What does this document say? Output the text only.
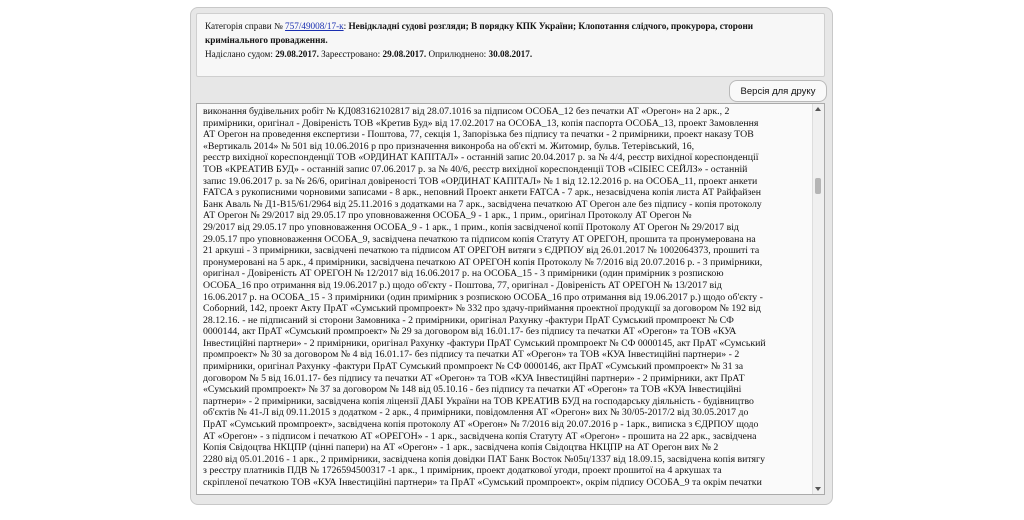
Категорія справи № 757/49008/17-к: Невідкладні судові розгляди; В порядку КПК України; Клопотання слідчого, прокурора, сторони кримінального провадження.
Надіслано судом: 29.08.2017. Зареєстровано: 29.08.2017. Оприлюднено: 30.08.2017.
Версія для друку
виконання будівельних робіт № КД083162102817 від 28.07.1016 за підписом ОСОБА_12 без печатки АТ «Орегон» на 2 арк., 2
примірники, оригінал - Довіреність ТОВ «Кретив Буд» від 17.02.2017 на ОСОБА_13, копія паспорта ОСОБА_13, проект Замовлення
АТ Орегон на проведення експертизи - Поштова, 77, секція 1, Запорізька без підпису та печатки - 2 примірники, проект наказу ТОВ
«Вертикаль 2014» № 501 від 10.06.2016 р про призначення виконроба на об'єкті м. Житомир, бульв. Тетерівський, 16,
реєстр вихідної кореспонденції ТОВ «ОРДИНАТ КАПІТАЛ» - останній запис 20.04.2017 р. за № 4/4, реєстр вихідної кореспонденції
ТОВ «КРЕАТИВ БУД» - останній запис 07.06.2017 р. за № 40/6, реєстр вихідної кореспонденції ТОВ «СІБІЕС СЕЙЛЗ» - останній
запис 19.06.2017 р. за № 26/6, оригінал довіреності ТОВ «ОРДИНАТ КАПІТАЛ» № 1 від 12.12.2016 р. на ОСОБА_11, проект анкети
FATCA з рукописними чорновими записами - 8 арк., неповний Проект анкети FATCA - 7 арк., незасвідчена копія листа АТ Райфайзен
Банк Аваль № Д1-В15/61/2964 від 25.11.2016 з додатками на 7 арк., засвідчена печаткою АТ Орегон але без підпису - копія протоколу
АТ Орегон № 29/2017 від 29.05.17 про уповноваження ОСОБА_9 - 1 арк., 1 прим., оригінал Протоколу АТ Орегон №
29/2017 від 29.05.17 про уповноваження ОСОБА_9 - 1 арк., 1 прим., копія засвідченої копії Протоколу АТ Орегон № 29/2017 від
29.05.17 про уповноваження ОСОБА_9, засвідчена печаткою та підписом копія Статуту АТ ОРЕГОН, прошита та пронумерована на
21 аркуші - 3 примірники, засвідчені печаткою та підписом АТ ОРЕГОН витяги з ЄДРПОУ від 26.01.2017 № 1002064373, прошиті та
пронумеровані на 5 арк., 4 примірники, засвідчена печаткою АТ ОРЕГОН копія Протоколу № 7/2016 від 20.07.2016 р. - 3 примірники,
оригінал - Довіреність АТ ОРЕГОН № 12/2017 від 16.06.2017 р. на ОСОБА_15 - 3 примірники (один примірник з розпискою
ОСОБА_16 про отримання від 19.06.2017 р.) щодо об'єкту - Поштова, 77, оригінал - Довіреність АТ ОРЕГОН № 13/2017 від
16.06.2017 р. на ОСОБА_15 - 3 примірники (один примірник з розпискою ОСОБА_16 про отримання від 19.06.2017 р.) щодо об'єкту -
Соборний, 142, проект Акту ПрАТ «Сумський промпроект» № 332 про здачу-приймання проектної продукції за договором № 192 від
28.12.16. - не підписаний зі сторони Замовника - 2 примірники, оригінал Рахунку -фактури ПрАТ Сумський промпроект № СФ
0000144, акт ПрАТ «Сумський промпроект» № 29 за договором від 16.01.17- без підпису та печатки АТ «Орегон» та ТОВ «КУА
Інвестиційні партнери» - 2 примірники, оригінал Рахунку -фактури ПрАТ Сумський промпроект № СФ 0000145, акт ПрАТ «Сумський
промпроект» № 30 за договором № 4 від 16.01.17- без підпису та печатки АТ «Орегон» та ТОВ «КУА Інвестиційні партнери» - 2
примірники, оригінал Рахунку -фактури ПрАТ Сумський промпроект № СФ 0000146, акт ПрАТ «Сумський промпроект» № 31 за
договором № 5 від 16.01.17- без підпису та печатки АТ «Орегон» та ТОВ «КУА Інвестиційні партнери» - 2 примірники, акт ПрАТ
«Сумський промпроект» № 37 за договором № 148 від 05.10.16 - без підпису та печатки АТ «Орегон» та ТОВ «КУА Інвестиційні
партнери» - 2 примірники, засвідчена копія ліцензії ДАБІ України на ТОВ КРЕАТИВ БУД на господарську діяльність - будівництво
об'єктів № 41-Л від 09.11.2015 з додатком - 2 арк., 4 примірники, повідомлення АТ «Орегон» вих № 30/05-2017/2 від 30.05.2017 до
ПрАТ «Сумський промпроект», засвідчена копія протоколу АТ «Орегон» № 7/2016 від 20.07.2016 р - 1арк., виписка з ЄДРПОУ щодо
АТ «Орегон» - з підписом і печаткою АТ «ОРЕГОН» - 1 арк., засвідчена копія Статуту АТ «Орегон» - прошита на 22 арк., засвідчена
Копія Свідоцтва НКЦПР (цінні папери) на АТ «Орегон» - 1 арк., засвідчена копія Свідоцтва НКЦПР на АТ Орегон вих № 2
2280 від 05.01.2016 - 1 арк., 2 примірники, засвідчена копія довідки ПАТ Банк Восток №05ц/1337 від 18.09.15, засвідчена копія витягу
з реєстру платників ПДВ № 1726594500317 -1 арк., 1 примірник, проект додаткової угоди, проект прошитої на 4 аркушах та
скріпленої печаткою ТОВ «КУА Інвестиційні партнери» та ПрАТ «Сумський промпроект», окрім підпису ОСОБА_9 та окрім печатки
